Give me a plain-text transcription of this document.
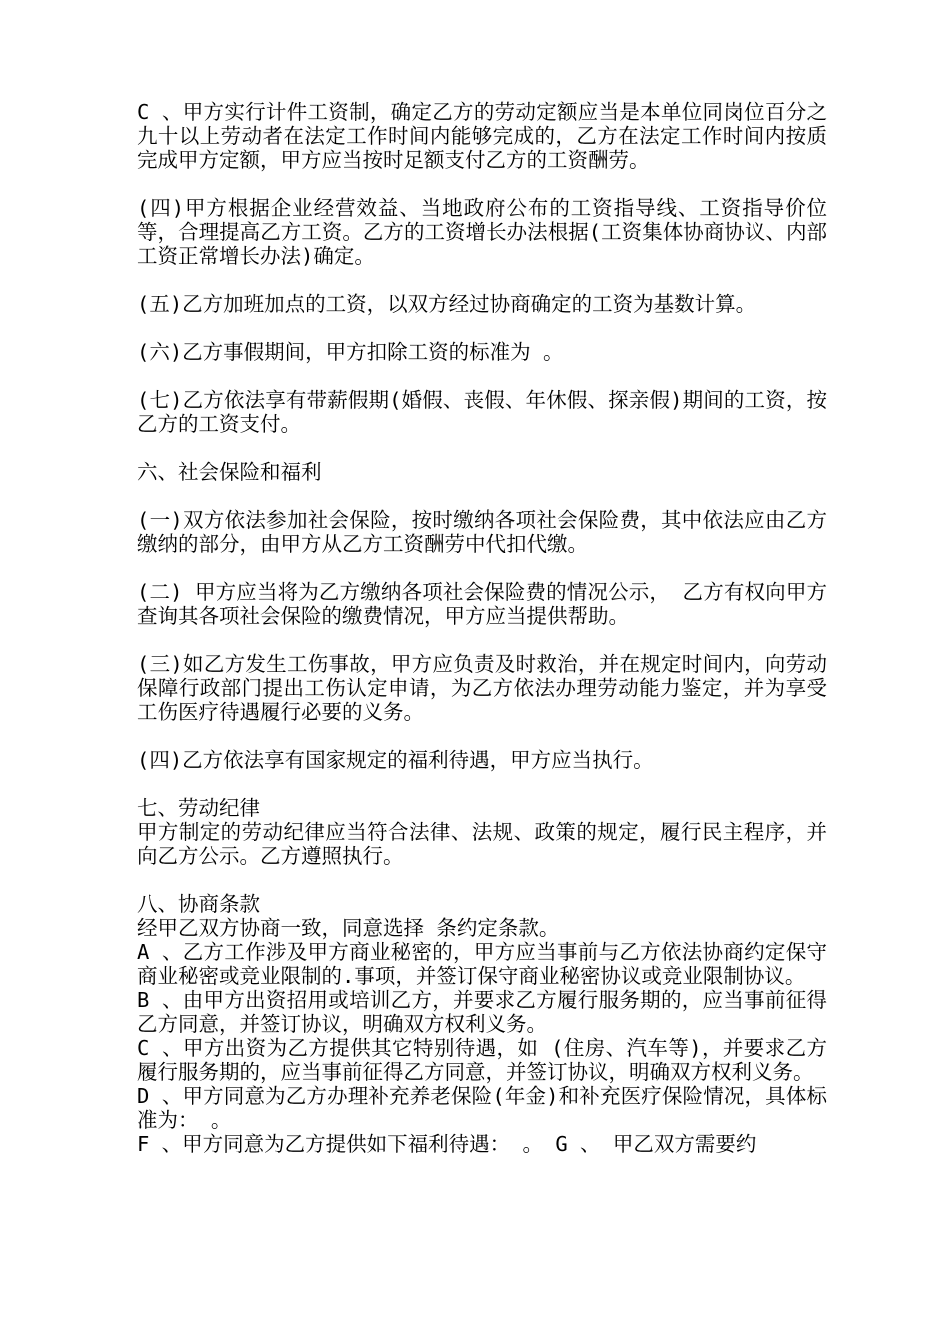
C 、甲方实行计件工资制，确定乙方的劳动定额应当是本单位同岗位百分之九十以上劳动者在法定工作时间内能够完成的，乙方在法定工作时间内按质完成甲方定额，甲方应当按时足额支付乙方的工资酬劳。

(四)甲方根据企业经营效益、当地政府公布的工资指导线、工资指导价位等，合理提高乙方工资。乙方的工资增长办法根据(工资集体协商协议、内部工资正常增长办法)确定。

(五)乙方加班加点的工资，以双方经过协商确定的工资为基数计算。

(六)乙方事假期间，甲方扣除工资的标准为 。

(七)乙方依法享有带薪假期(婚假、丧假、年休假、探亲假)期间的工资，按乙方的工资支付。

六、社会保险和福利

(一)双方依法参加社会保险，按时缴纳各项社会保险费，其中依法应由乙方缴纳的部分，由甲方从乙方工资酬劳中代扣代缴。

(二) 甲方应当将为乙方缴纳各项社会保险费的情况公示， 乙方有权向甲方查询其各项社会保险的缴费情况，甲方应当提供帮助。

(三)如乙方发生工伤事故，甲方应负责及时救治，并在规定时间内，向劳动保障行政部门提出工伤认定申请，为乙方依法办理劳动能力鉴定，并为享受工伤医疗待遇履行必要的义务。

(四)乙方依法享有国家规定的福利待遇，甲方应当执行。

七、劳动纪律

甲方制定的劳动纪律应当符合法律、法规、政策的规定，履行民主程序，并向乙方公示。乙方遵照执行。

八、协商条款

经甲乙双方协商一致，同意选择 条约定条款。

A 、乙方工作涉及甲方商业秘密的，甲方应当事前与乙方依法协商约定保守商业秘密或竞业限制的.事项，并签订保守商业秘密协议或竞业限制协议。

B 、由甲方出资招用或培训乙方，并要求乙方履行服务期的，应当事前征得乙方同意，并签订协议，明确双方权利义务。

C 、甲方出资为乙方提供其它特别待遇，如 (住房、汽车等)，并要求乙方履行服务期的，应当事前征得乙方同意，并签订协议，明确双方权利义务。

D 、甲方同意为乙方办理补充养老保险(年金)和补充医疗保险情况，具体标准为： 。

F 、甲方同意为乙方提供如下福利待遇： 。 G 、 甲乙双方需要约
